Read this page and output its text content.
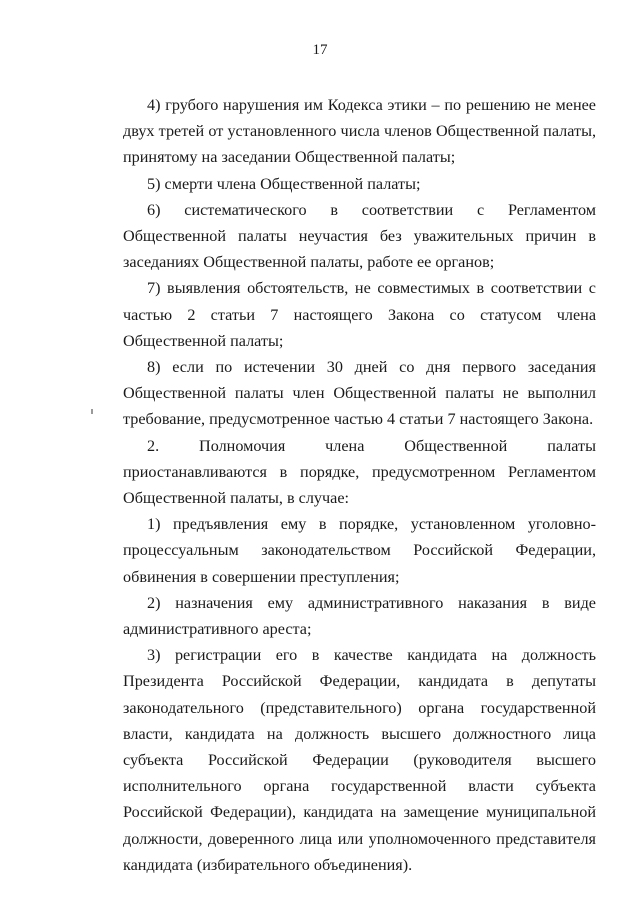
17

4) грубого нарушения им Кодекса этики – по решению не менее двух третей от установленного числа членов Общественной палаты, принятому на заседании Общественной палаты;

5) смерти члена Общественной палаты;

6) систематического в соответствии с Регламентом Общественной палаты неучастия без уважительных причин в заседаниях Общественной палаты, работе ее органов;

7) выявления обстоятельств, не совместимых в соответствии с частью 2 статьи 7 настоящего Закона со статусом члена Общественной палаты;

8) если по истечении 30 дней со дня первого заседания Общественной палаты член Общественной палаты не выполнил требование, предусмотренное частью 4 статьи 7 настоящего Закона.

2. Полномочия члена Общественной палаты приостанавливаются в порядке, предусмотренном Регламентом Общественной палаты, в случае:

1) предъявления ему в порядке, установленном уголовно-процессуальным законодательством Российской Федерации, обвинения в совершении преступления;

2) назначения ему административного наказания в виде административного ареста;

3) регистрации его в качестве кандидата на должность Президента Российской Федерации, кандидата в депутаты законодательного (представительного) органа государственной власти, кандидата на должность высшего должностного лица субъекта Российской Федерации (руководителя высшего исполнительного органа государственной власти субъекта Российской Федерации), кандидата на замещение муниципальной должности, доверенного лица или уполномоченного представителя кандидата (избирательного объединения).
